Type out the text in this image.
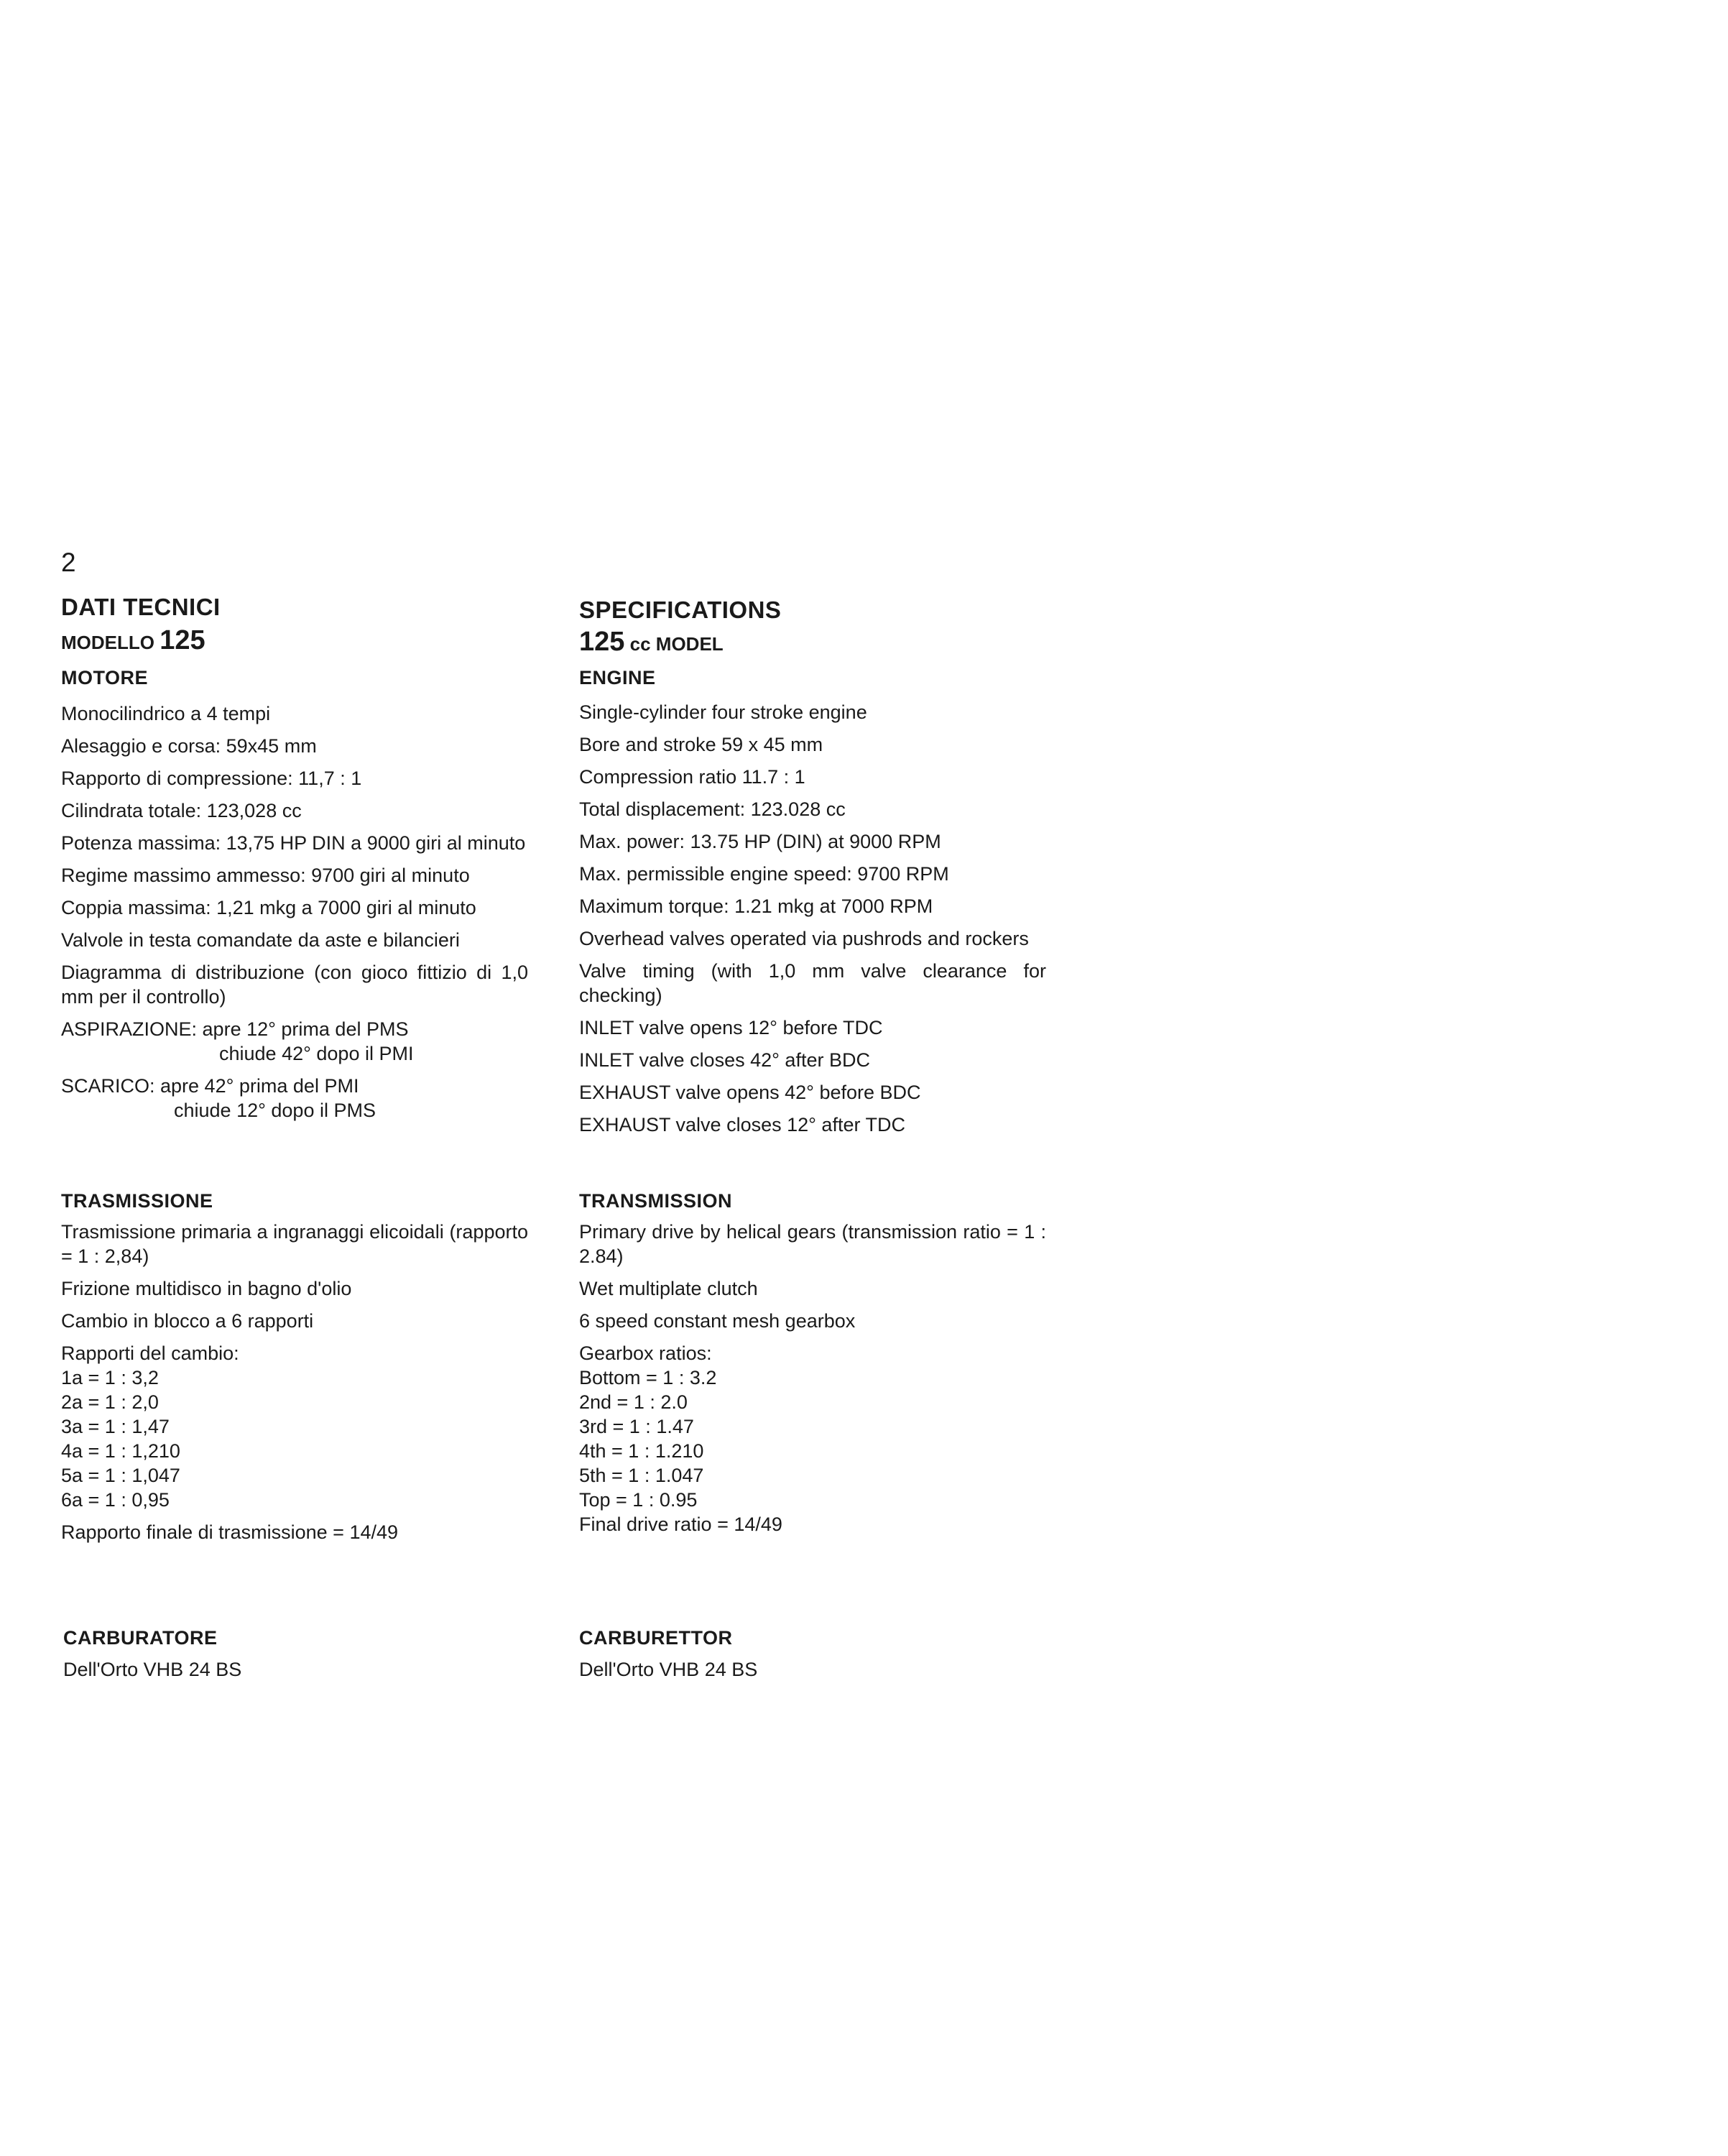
2
DATI TECNICI
MODELLO 125
MOTORE
Monocilindrico a 4 tempi
Alesaggio e corsa: 59x45 mm
Rapporto di compressione: 11,7 : 1
Cilindrata totale: 123,028 cc
Potenza massima: 13,75 HP DIN a 9000 giri al minuto
Regime massimo ammesso: 9700 giri al minuto
Coppia massima: 1,21 mkg a 7000 giri al minuto
Valvole in testa comandate da aste e bilancieri
Diagramma di distribuzione (con gioco fittizio di 1,0 mm per il controllo)
ASPIRAZIONE: apre 12° prima del PMS
chiude 42° dopo il PMI
SCARICO: apre 42° prima del PMI
chiude 12° dopo il PMS
TRASMISSIONE
Trasmissione primaria a ingranaggi elicoidali (rapporto = 1 : 2,84)
Frizione multidisco in bagno d'olio
Cambio in blocco a 6 rapporti
Rapporti del cambio:
1a = 1 : 3,2
2a = 1 : 2,0
3a = 1 : 1,47
4a = 1 : 1,210
5a = 1 : 1,047
6a = 1 : 0,95
Rapporto finale di trasmissione = 14/49
CARBURATORE
Dell'Orto VHB 24 BS
SPECIFICATIONS
125 cc MODEL
ENGINE
Single-cylinder four stroke engine
Bore and stroke 59 x 45 mm
Compression ratio 11.7 : 1
Total displacement: 123.028 cc
Max. power: 13.75 HP (DIN) at 9000 RPM
Max. permissible engine speed: 9700 RPM
Maximum torque: 1.21 mkg at 7000 RPM
Overhead valves operated via pushrods and rockers
Valve timing (with 1,0 mm valve clearance for checking)
INLET valve opens 12° before TDC
INLET valve closes 42° after BDC
EXHAUST valve opens 42° before BDC
EXHAUST valve closes 12° after TDC
TRANSMISSION
Primary drive by helical gears (transmission ratio = 1 : 2.84)
Wet multiplate clutch
6 speed constant mesh gearbox
Gearbox ratios:
Bottom = 1 : 3.2
2nd = 1 : 2.0
3rd = 1 : 1.47
4th = 1 : 1.210
5th = 1 : 1.047
Top = 1 : 0.95
Final drive ratio = 14/49
CARBURETTOR
Dell'Orto VHB 24 BS
